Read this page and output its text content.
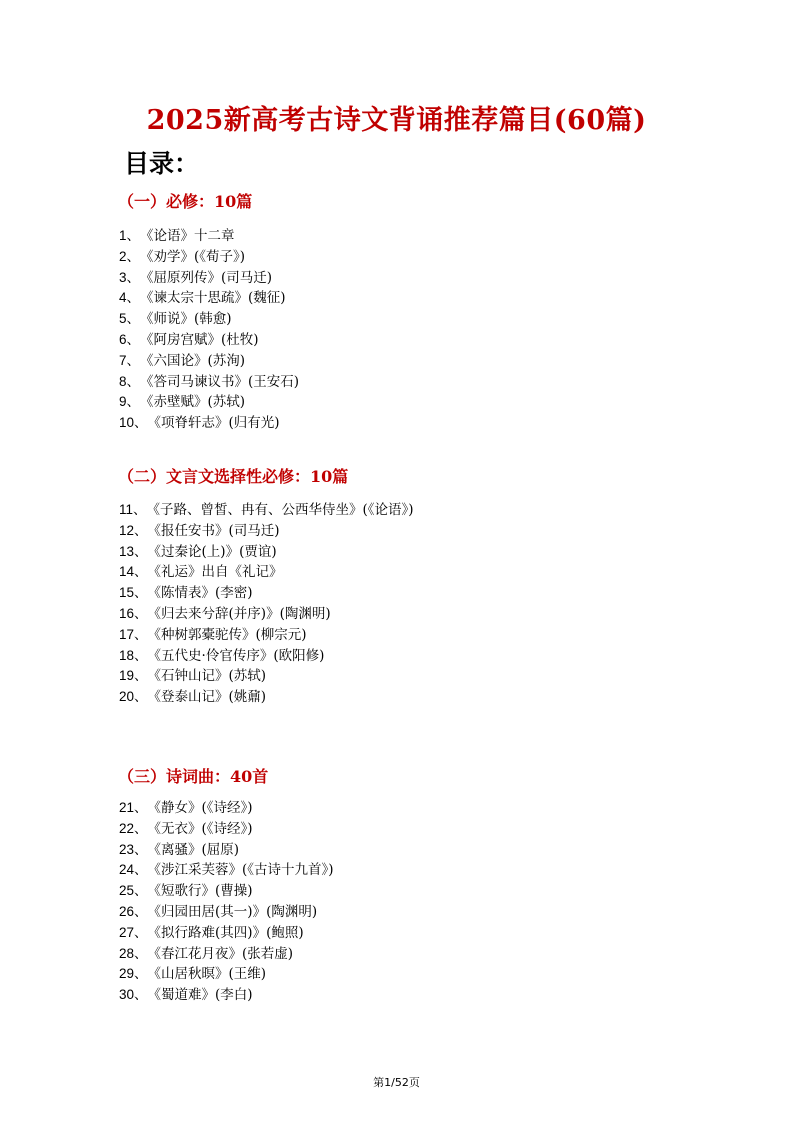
2025新高考古诗文背诵推荐篇目(60篇)
目录：
（一）必修：10篇
1、《论语》十二章
2、《劝学》(《荀子》)
3、《屈原列传》(司马迁)
4、《谏太宗十思疏》(魏征)
5、《师说》(韩愈)
6、《阿房宫赋》(杜牧)
7、《六国论》(苏洵)
8、《答司马谏议书》(王安石)
9、《赤壁赋》(苏轼)
10、《项脊轩志》(归有光)
（二）文言文选择性必修：10篇
11、《子路、曾皙、冉有、公西华侍坐》(《论语》)
12、《报任安书》(司马迁)
13、《过秦论(上)》(贾谊)
14、《礼运》出自《礼记》
15、《陈情表》(李密)
16、《归去来兮辞(并序)》(陶渊明)
17、《种树郭橐驼传》(柳宗元)
18、《五代史·伶官传序》(欧阳修)
19、《石钟山记》(苏轼)
20、《登泰山记》(姚鼐)
（三）诗词曲：40首
21、《静女》(《诗经》)
22、《无衣》(《诗经》)
23、《离骚》(屈原)
24、《涉江采芙蓉》(《古诗十九首》)
25、《短歌行》(曹操)
26、《归园田居(其一)》(陶渊明)
27、《拟行路难(其四)》(鲍照)
28、《春江花月夜》(张若虚)
29、《山居秋暝》(王维)
30、《蜀道难》(李白)
第1/52页
